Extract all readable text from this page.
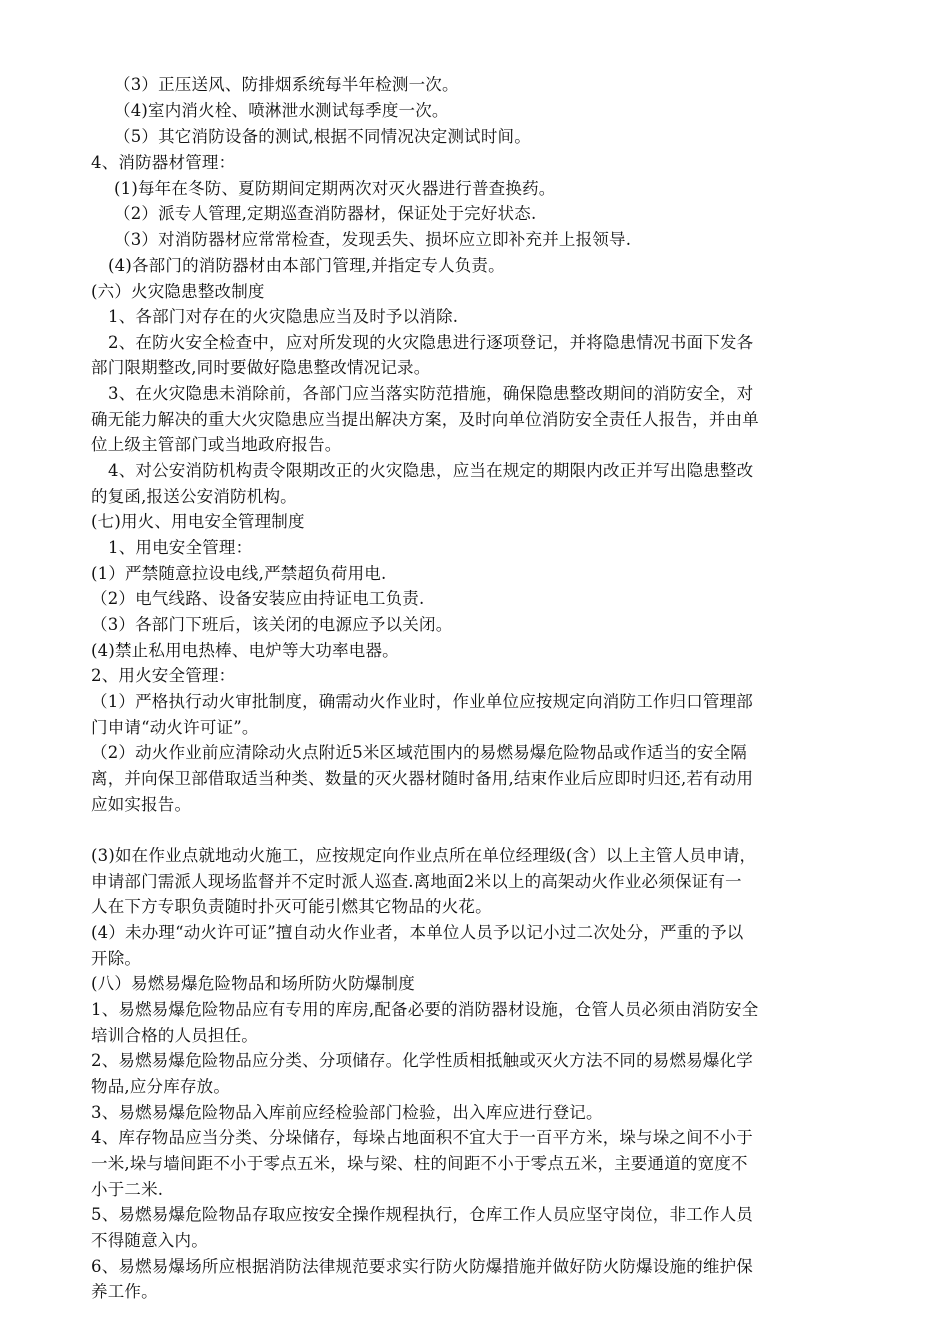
（3）正压送风、防排烟系统每半年检测一次。
（4)室内消火栓、喷淋泄水测试每季度一次。
（5）其它消防设备的测试,根据不同情况决定测试时间。
4、消防器材管理：
(1)每年在冬防、夏防期间定期两次对灭火器进行普查换药。
（2）派专人管理,定期巡查消防器材，保证处于完好状态.
（3）对消防器材应常常检查，发现丢失、损坏应立即补充并上报领导.
(4)各部门的消防器材由本部门管理,并指定专人负责。
(六）火灾隐患整改制度
1、各部门对存在的火灾隐患应当及时予以消除.
2、在防火安全检查中，应对所发现的火灾隐患进行逐项登记，并将隐患情况书面下发各
部门限期整改,同时要做好隐患整改情况记录。
3、在火灾隐患未消除前，各部门应当落实防范措施，确保隐患整改期间的消防安全，对
确无能力解决的重大火灾隐患应当提出解决方案，及时向单位消防安全责任人报告，并由单
位上级主管部门或当地政府报告。
4、对公安消防机构责令限期改正的火灾隐患，应当在规定的期限内改正并写出隐患整改
的复函,报送公安消防机构。
(七)用火、用电安全管理制度
1、用电安全管理：
(1）严禁随意拉设电线,严禁超负荷用电.
（2）电气线路、设备安装应由持证电工负责.
（3）各部门下班后，该关闭的电源应予以关闭。
(4)禁止私用电热棒、电炉等大功率电器。
2、用火安全管理：
（1）严格执行动火审批制度，确需动火作业时，作业单位应按规定向消防工作归口管理部
门申请“动火许可证”。
（2）动火作业前应清除动火点附近5米区域范围内的易燃易爆危险物品或作适当的安全隔
离，并向保卫部借取适当种类、数量的灭火器材随时备用,结束作业后应即时归还,若有动用
应如实报告。
(3)如在作业点就地动火施工，应按规定向作业点所在单位经理级(含）以上主管人员申请，
申请部门需派人现场监督并不定时派人巡查.离地面2米以上的高架动火作业必须保证有一
人在下方专职负责随时扑灭可能引燃其它物品的火花。
(4）未办理“动火许可证”擅自动火作业者，本单位人员予以记小过二次处分，严重的予以
开除。
(八）易燃易爆危险物品和场所防火防爆制度
1、易燃易爆危险物品应有专用的库房,配备必要的消防器材设施，仓管人员必须由消防安全
培训合格的人员担任。
2、易燃易爆危险物品应分类、分项储存。化学性质相抵触或灭火方法不同的易燃易爆化学
物品,应分库存放。
3、易燃易爆危险物品入库前应经检验部门检验，出入库应进行登记。
4、库存物品应当分类、分垛储存，每垛占地面积不宜大于一百平方米，垛与垛之间不小于
一米,垛与墙间距不小于零点五米，垛与梁、柱的间距不小于零点五米，主要通道的宽度不
小于二米.
5、易燃易爆危险物品存取应按安全操作规程执行，仓库工作人员应坚守岗位，非工作人员
不得随意入内。
6、易燃易爆场所应根据消防法律规范要求实行防火防爆措施并做好防火防爆设施的维护保
养工作。
